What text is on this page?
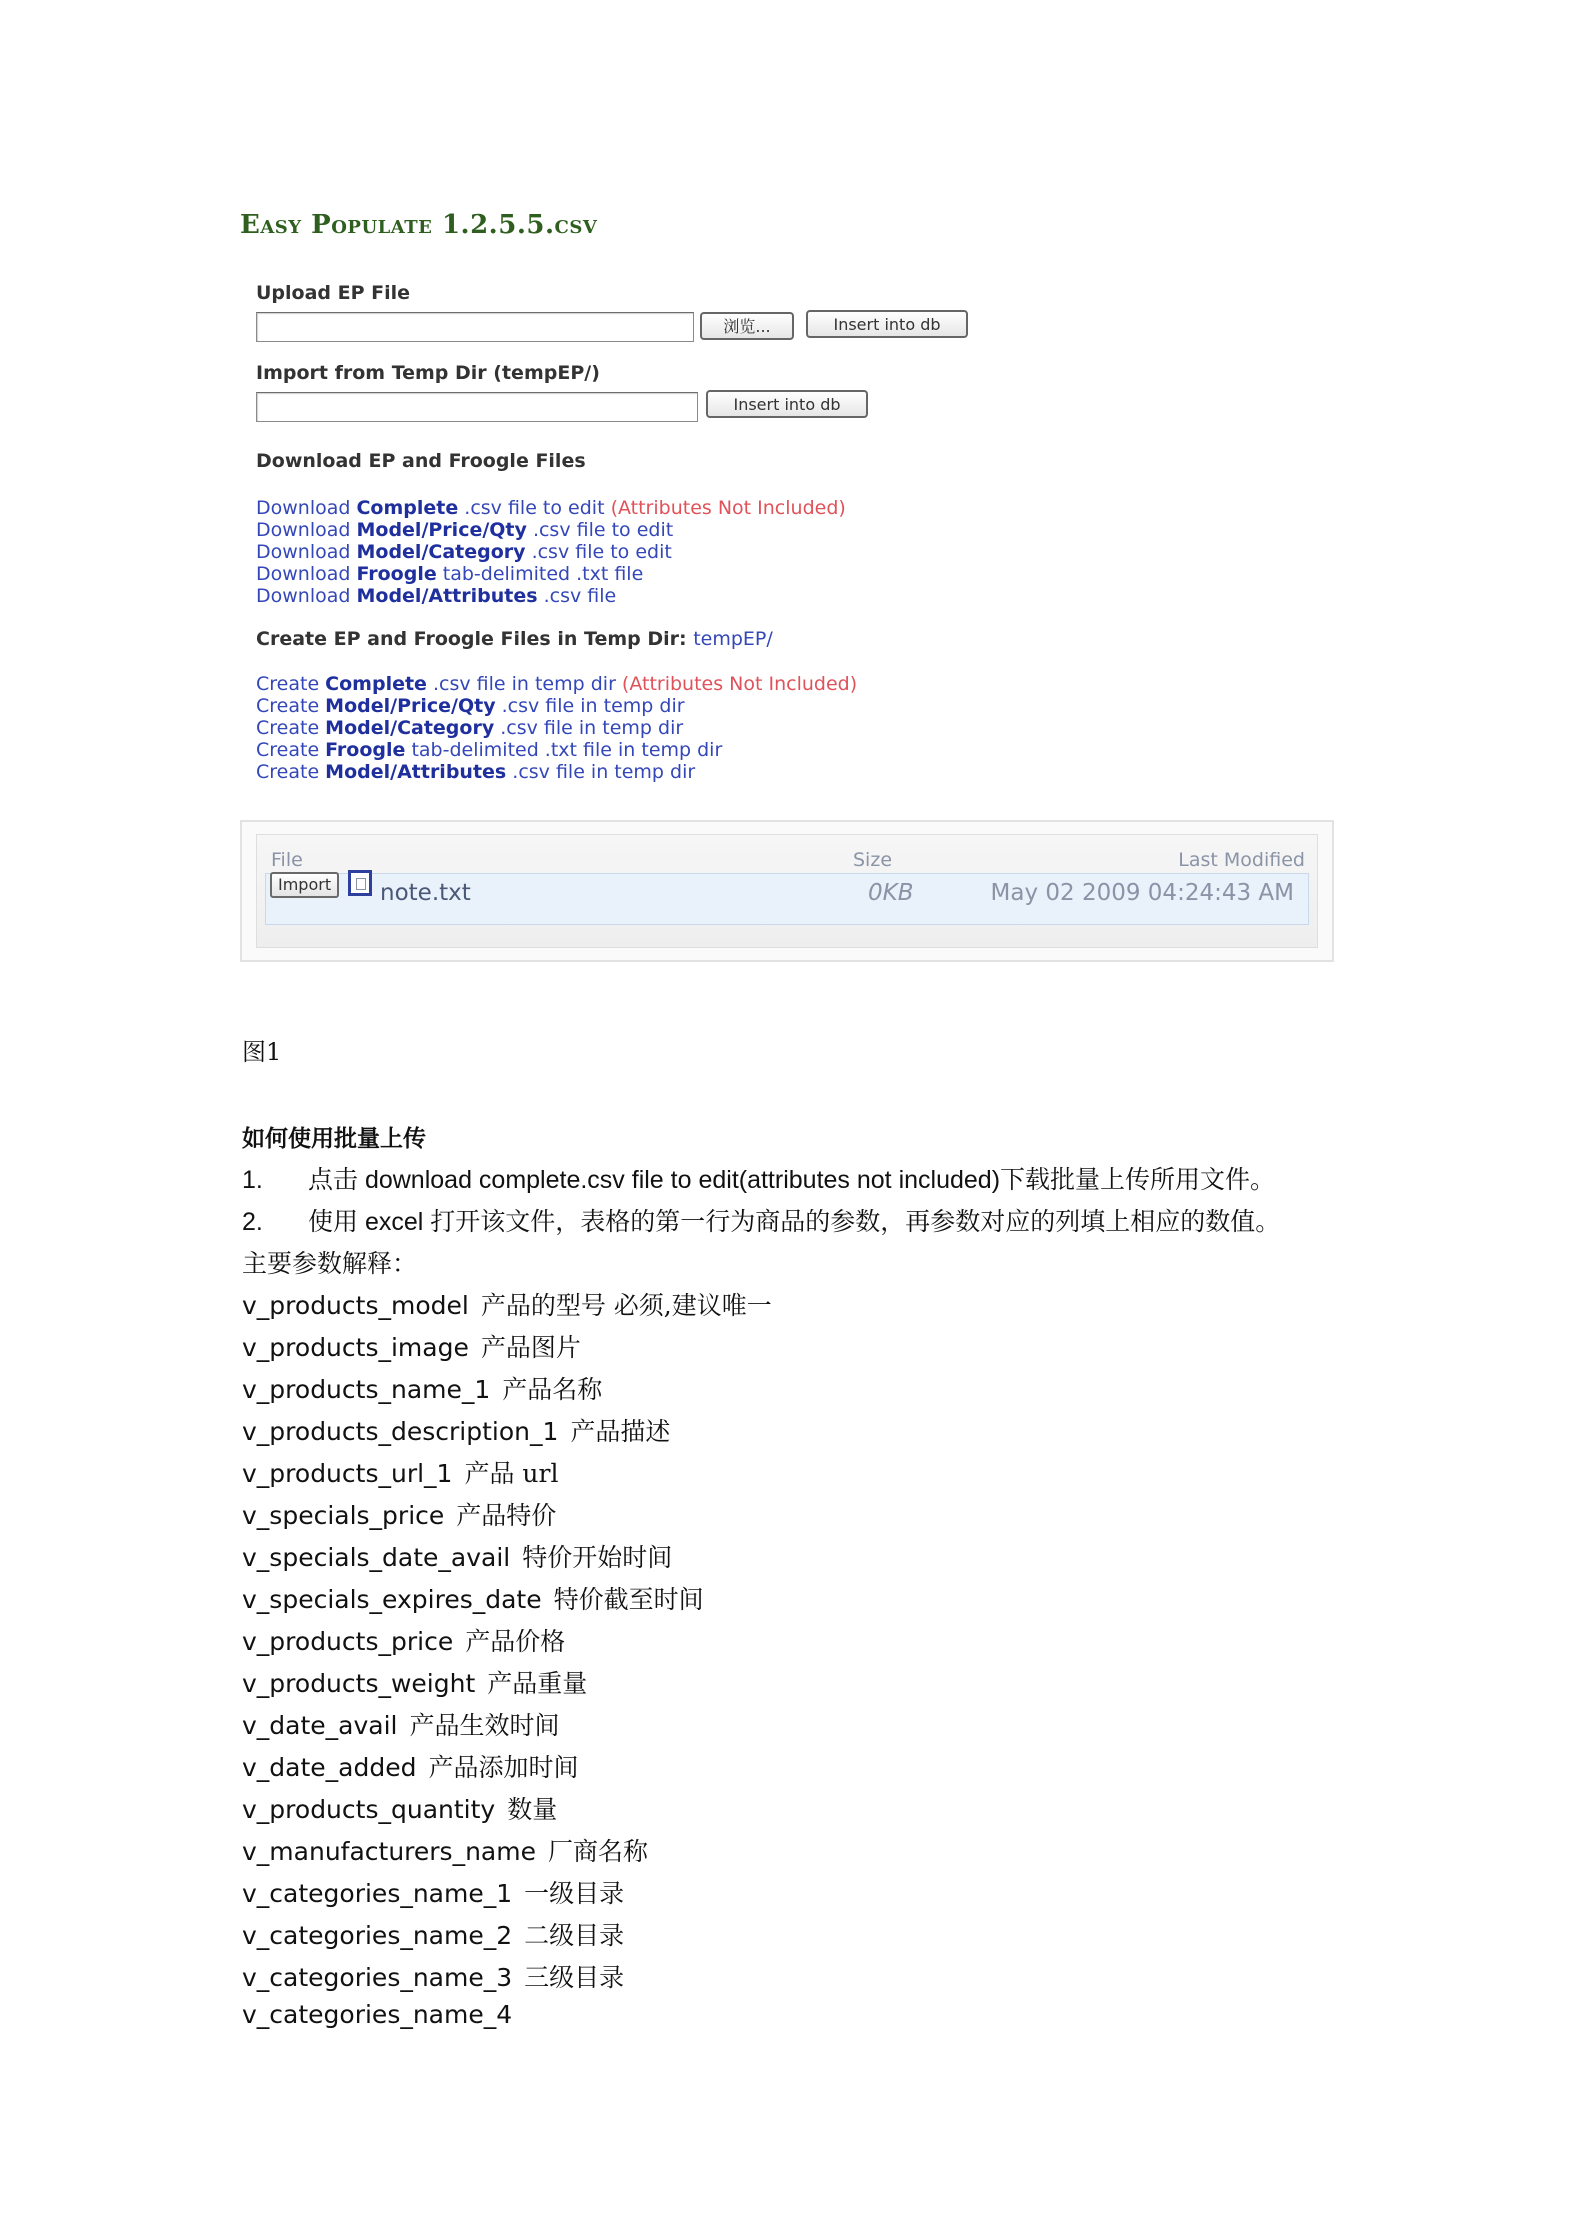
Easy Populate 1.2.5.5.csv
Upload EP File
浏览...	Insert into db
Import from Temp Dir (tempEP/)
Insert into db
Download EP and Froogle Files
Download Complete .csv file to edit (Attributes Not Included)
Download Model/Price/Qty .csv file to edit
Download Model/Category .csv file to edit
Download Froogle tab-delimited .txt file
Download Model/Attributes .csv file
Create EP and Froogle Files in Temp Dir: tempEP/
Create Complete .csv file in temp dir (Attributes Not Included)
Create Model/Price/Qty .csv file in temp dir
Create Model/Category .csv file in temp dir
Create Froogle tab-delimited .txt file in temp dir
Create Model/Attributes .csv file in temp dir
File	Size	Last Modified
Import	note.txt	0KB	May 02 2009 04:24:43 AM
图1
如何使用批量上传
1. 点击 download complete.csv file to edit(attributes not included)下载批量上传所用文件。
2. 使用 excel 打开该文件，表格的第一行为商品的参数，再参数对应的列填上相应的数值。
主要参数解释：
v_products_model 产品的型号 必须,建议唯一
v_products_image 产品图片
v_products_name_1 产品名称
v_products_description_1 产品描述
v_products_url_1 产品 url
v_specials_price 产品特价
v_specials_date_avail 特价开始时间
v_specials_expires_date 特价截至时间
v_products_price 产品价格
v_products_weight 产品重量
v_date_avail 产品生效时间
v_date_added 产品添加时间
v_products_quantity 数量
v_manufacturers_name 厂商名称
v_categories_name_1 一级目录
v_categories_name_2 二级目录
v_categories_name_3 三级目录
v_categories_name_4
